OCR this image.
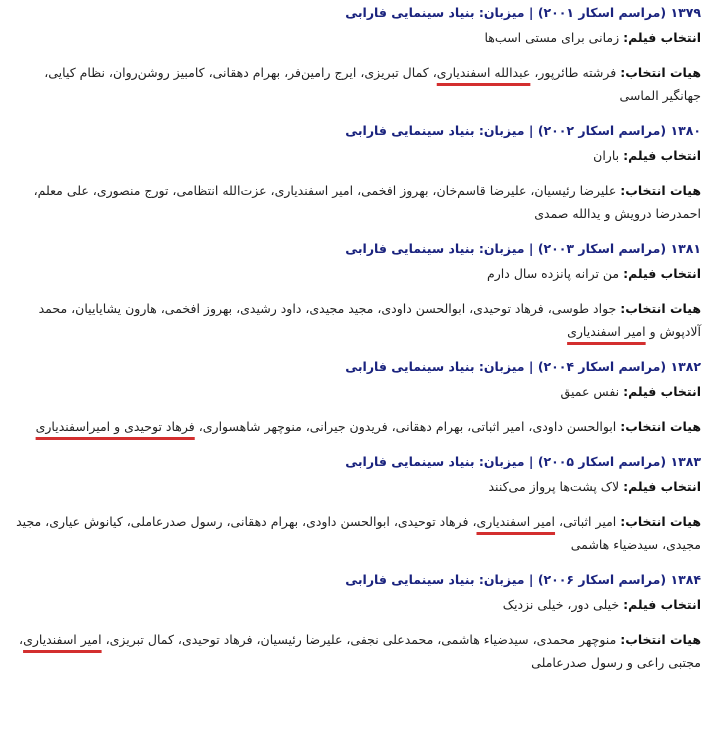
۱۳۷۹ (مراسم اسکار ۲۰۰۱) | میزبان: بنیاد سینمایی فارابی

انتخاب فیلم: زمانی برای مستی اسب‌ها

هیات انتخاب: فرشته طائرپور، عبدالله اسفندیاری، کمال تبریزی، ایرج رامین‌فر، بهرام دهقانی، کامبیز روشن‌روان، نظام کیایی، جهانگیر الماسی

۱۳۸۰ (مراسم اسکار ۲۰۰۲) | میزبان: بنیاد سینمایی فارابی

انتخاب فیلم: باران

هیات انتخاب: علیرضا رئیسیان، علیرضا قاسم‌خان، بهروز افخمی، امیر اسفندیاری، عزت‌الله انتظامی، تورج منصوری، علی معلم، احمدرضا درویش و یدالله صمدی

۱۳۸۱ (مراسم اسکار ۲۰۰۳) | میزبان: بنیاد سینمایی فارابی

انتخاب فیلم: من ترانه پانزده سال دارم

هیات انتخاب: جواد طوسی، فرهاد توحیدی، ابوالحسن داودی، مجید مجیدی، داود رشیدی، بهروز افخمی، هارون یشایاییان، محمد آلادپوش و امیر اسفندیاری

۱۳۸۲ (مراسم اسکار ۲۰۰۴) | میزبان: بنیاد سینمایی فارابی

انتخاب فیلم: نفس عمیق

هیات انتخاب: ابوالحسن داودی، امیر اثباتی، بهرام دهقانی، فریدون جیرانی، منوچهر شاهسواری، فرهاد توحیدی و امیراسفندیاری

۱۳۸۳ (مراسم اسکار ۲۰۰۵) | میزبان: بنیاد سینمایی فارابی

انتخاب فیلم: لاک پشت‌ها پرواز می‌کنند

هیات انتخاب: امیر اثباتی، امیر اسفندیاری، فرهاد توحیدی، ابوالحسن داودی، بهرام دهقانی، رسول صدرعاملی، کیانوش عیاری، مجید مجیدی، سیدضیاء هاشمی

۱۳۸۴ (مراسم اسکار ۲۰۰۶) | میزبان: بنیاد سینمایی فارابی

انتخاب فیلم: خیلی دور، خیلی نزدیک

هیات انتخاب: منوچهر محمدی، سیدضیاء هاشمی، محمدعلی نجفی، علیرضا رئیسیان، فرهاد توحیدی، کمال تبریزی، امیر اسفندیاری، مجتبی راعی و رسول صدرعاملی
